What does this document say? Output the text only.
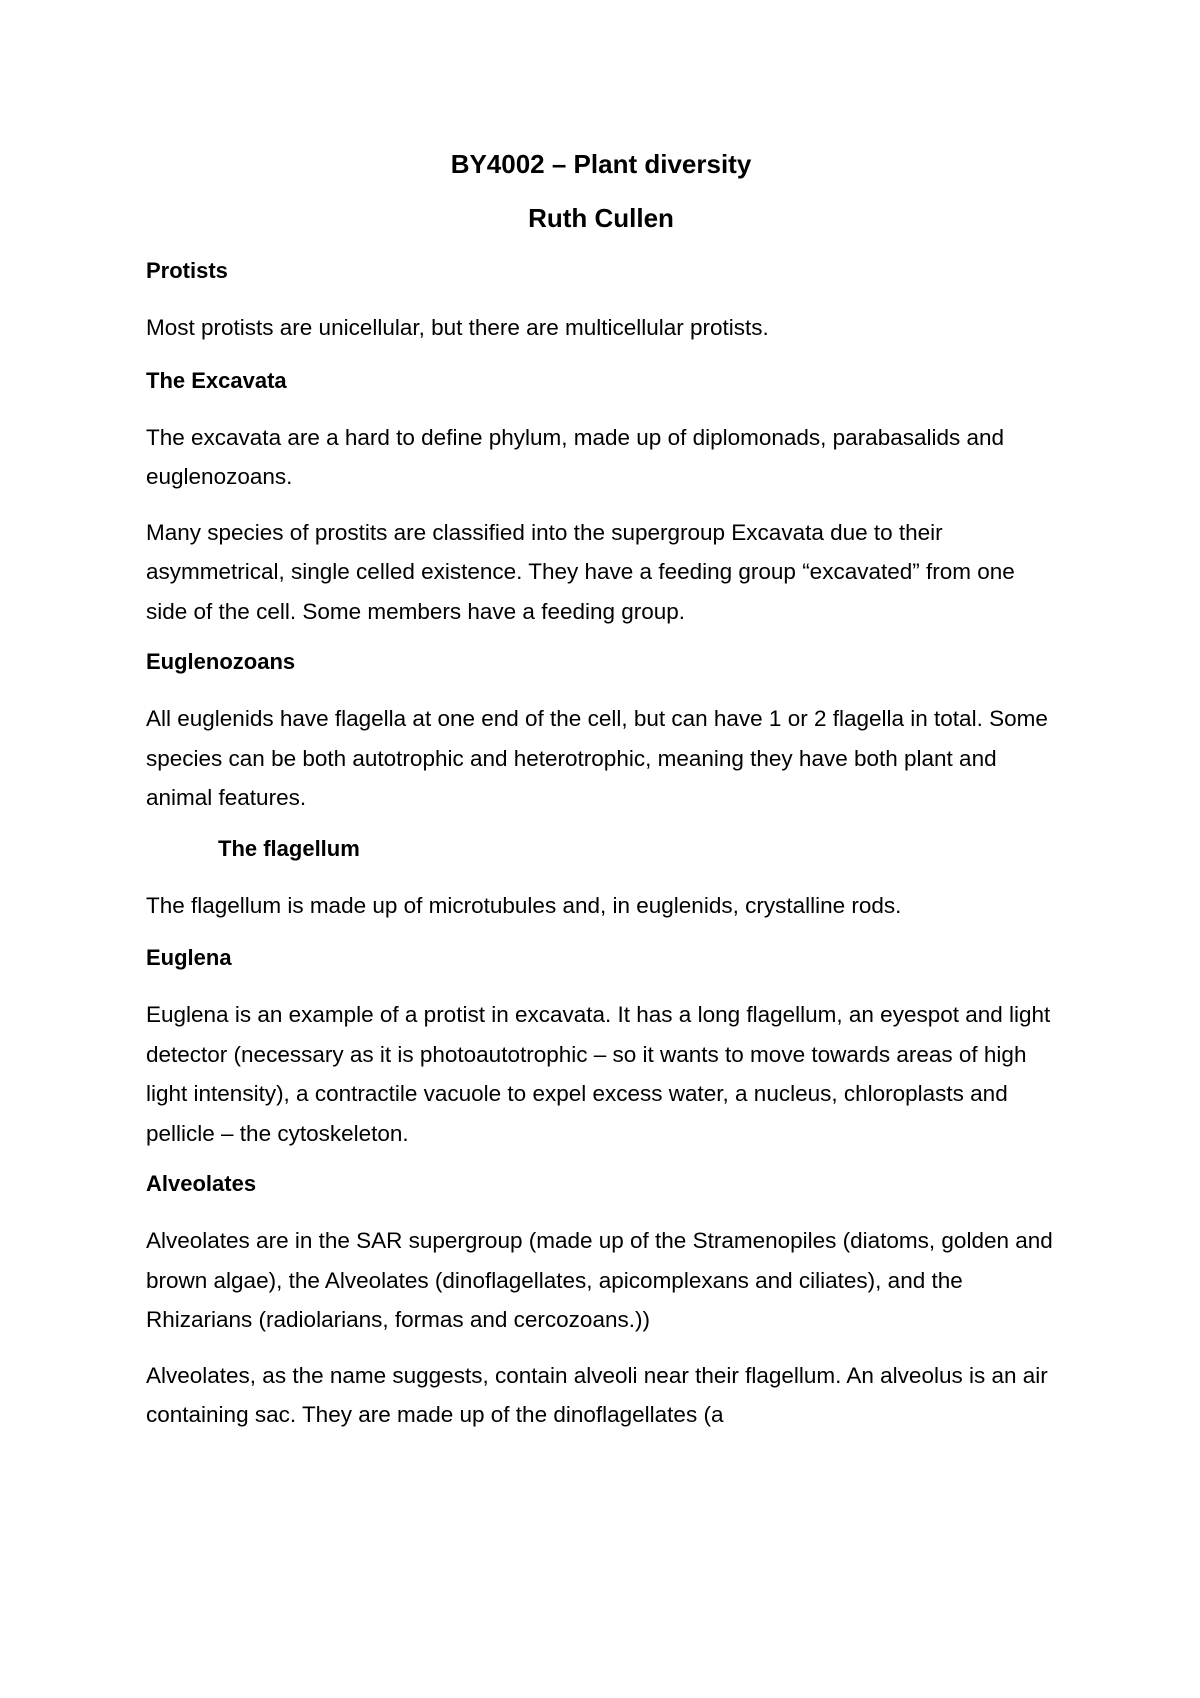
BY4002 – Plant diversity
Ruth Cullen
Protists
Most protists are unicellular, but there are multicellular protists.
The Excavata
The excavata are a hard to define phylum, made up of diplomonads, parabasalids and euglenozoans.
Many species of prostits are classified into the supergroup Excavata due to their asymmetrical, single celled existence. They have a feeding group “excavated” from one side of the cell. Some members have a feeding group.
Euglenozoans
All euglenids have flagella at one end of the cell, but can have 1 or 2 flagella in total. Some species can be both autotrophic and heterotrophic, meaning they have both plant and animal features.
The flagellum
The flagellum is made up of microtubules and, in euglenids, crystalline rods.
Euglena
Euglena is an example of a protist in excavata. It has a long flagellum, an eyespot and light detector (necessary as it is photoautotrophic – so it wants to move towards areas of high light intensity), a contractile vacuole to expel excess water, a nucleus, chloroplasts and pellicle – the cytoskeleton.
Alveolates
Alveolates are in the SAR supergroup (made up of the Stramenopiles (diatoms, golden and brown algae), the Alveolates (dinoflagellates, apicomplexans and ciliates), and the Rhizarians (radiolarians, formas and cercozoans.))
Alveolates, as the name suggests, contain alveoli near their flagellum. An alveolus is an air containing sac. They are made up of the dinoflagellates (a
